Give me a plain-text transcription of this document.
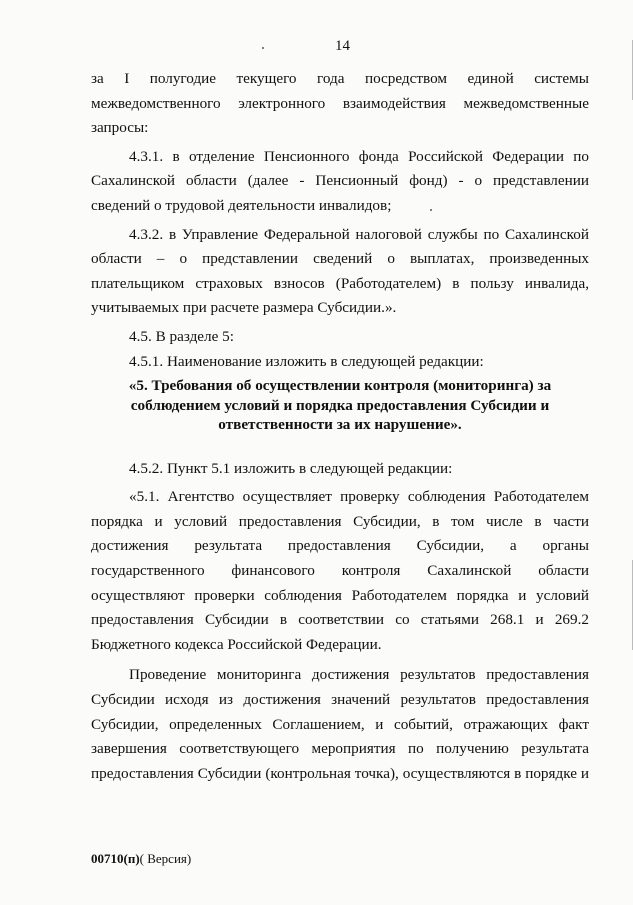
14

за I полугодие текущего года посредством единой системы межведомственного электронного взаимодействия межведомственные запросы:

4.3.1. в отделение Пенсионного фонда Российской Федерации по Сахалинской области (далее - Пенсионный фонд) - о представлении сведений о трудовой деятельности инвалидов;

4.3.2. в Управление Федеральной налоговой службы по Сахалинской области – о представлении сведений о выплатах, произведенных плательщиком страховых взносов (Работодателем) в пользу инвалида, учитываемых при расчете размера Субсидии.».

4.5. В разделе 5:

4.5.1. Наименование изложить в следующей редакции:

«5. Требования об осуществлении контроля (мониторинга) за соблюдением условий и порядка предоставления Субсидии и ответственности за их нарушение».

4.5.2. Пункт 5.1 изложить в следующей редакции:

«5.1. Агентство осуществляет проверку соблюдения Работодателем порядка и условий предоставления Субсидии, в том числе в части достижения результата предоставления Субсидии, а органы государственного финансового контроля Сахалинской области осуществляют проверки соблюдения Работодателем порядка и условий предоставления Субсидии в соответствии со статьями 268.1 и 269.2 Бюджетного кодекса Российской Федерации.

Проведение мониторинга достижения результатов предоставления Субсидии исходя из достижения значений результатов предоставления Субсидии, определенных Соглашением, и событий, отражающих факт завершения соответствующего мероприятия по получению результата предоставления Субсидии (контрольная точка), осуществляются в порядке и

00710(п)( Версия)
